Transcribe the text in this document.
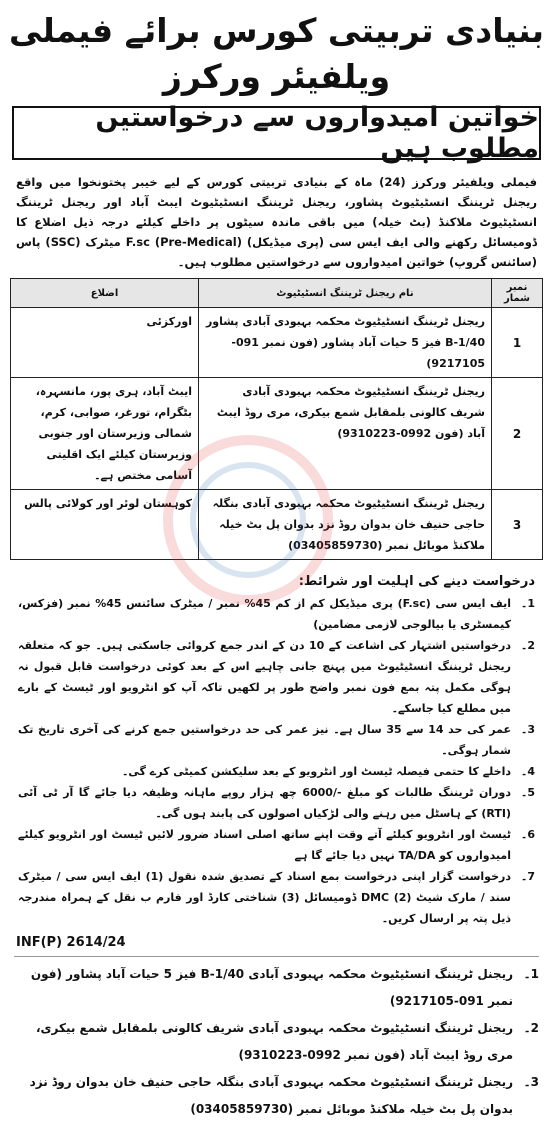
بنیادی تربیتی کورس برائے فیملی ویلفیئر ورکرز
خواتین امیدواروں سے درخواستیں مطلوب ہیں
فیملی ویلفیئر ورکرز (24) ماہ کے بنیادی تربیتی کورس کے لیے خیبر پختونخوا میں واقع ریجنل ٹریننگ انسٹیٹیوٹ پشاور، ریجنل ٹریننگ انسٹیٹیوٹ ایبٹ آباد اور ریجنل ٹریننگ انسٹیٹیوٹ ملاکنڈ (بٹ خیلہ) میں باقی ماندہ سیٹوں پر داخلے کیلئے درجہ ذیل اضلاع کا ڈومیسائل رکھنے والی ایف ایس سی (پری میڈیکل) F.sc (Pre-Medical) میٹرک (SSC) پاس (سائنس گروپ) خواتین امیدواروں سے درخواستیں مطلوب ہیں۔
نمبر شمار	نام ریجنل ٹریننگ انسٹیٹیوٹ	اضلاع
1	ریجنل ٹریننگ انسٹیٹیوٹ محکمہ بہبودی آبادی پشاور B-1/40 فیز 5 حیات آباد پشاور (فون نمبر 091-9217105)	اورکزئی
2	ریجنل ٹریننگ انسٹیٹیوٹ محکمہ بہبودی آبادی شریف کالونی بلمقابل شمع بیکری، مری روڈ ایبٹ آباد (فون 0992-9310223)	ایبٹ آباد، ہری پور، مانسہرہ، بٹگرام، تورغر، صوابی، کرم، شمالی وزیرستان اور جنوبی وزیرستان کیلئے ایک اقلیتی آسامی مختص ہے۔
3	ریجنل ٹریننگ انسٹیٹیوٹ محکمہ بہبودی آبادی بنگلہ حاجی حنیف خان بدوان روڈ نزد بدوان پل بٹ خیلہ ملاکنڈ موبائل نمبر (03405859730)	کوہستان لوئر اور کولائی پالس
درخواست دینے کی اہلیت اور شرائط:
1۔
ایف ایس سی (F.sc) پری میڈیکل کم از کم 45% نمبر / میٹرک سائنس 45% نمبر (فزکس، کیمسٹری یا بیالوجی لازمی مضامین)
2۔
درخواستیں اشتہار کی اشاعت کے 10 دن کے اندر جمع کروائی جاسکتی ہیں۔ جو کہ متعلقہ ریجنل ٹریننگ انسٹیٹیوٹ میں پہنچ جانی چاہیے اس کے بعد کوئی درخواست قابل قبول نہ ہوگی مکمل پتہ بمع فون نمبر واضح طور پر لکھیں تاکہ آپ کو انٹرویو اور ٹیسٹ کے بارے میں مطلع کیا جاسکے۔
3۔
عمر کی حد 14 سے 35 سال ہے۔ نیز عمر کی حد درخواستیں جمع کرنے کی آخری تاریخ تک شمار ہوگی۔
4۔
داخلے کا حتمی فیصلہ ٹیسٹ اور انٹرویو کے بعد سلیکشن کمیٹی کرے گی۔
5۔
دوران ٹریننگ طالبات کو مبلغ -/6000 چھ ہزار روپے ماہانہ وظیفہ دیا جائے گا آر ٹی آئی (RTI) کے ہاسٹل میں رہنے والی لڑکیاں اصولوں کی پابند ہوں گی۔
6۔
ٹیسٹ اور انٹرویو کیلئے آتے وقت اپنے ساتھ اصلی اسناد ضرور لائیں ٹیسٹ اور انٹرویو کیلئے امیدواروں کو TA/DA نہیں دیا جائے گا ہے
7۔
درخواست گزار اپنی درخواست بمع اسناد کے تصدیق شدہ نقول (1) ایف ایس سی / میٹرک سند / مارک شیٹ DMC (2) ڈومیسائل (3) شناختی کارڈ اور فارم ب نقل کے ہمراہ مندرجہ ذیل پتہ پر ارسال کریں۔
INF(P) 2614/24
1۔
ریجنل ٹریننگ انسٹیٹیوٹ محکمہ بہبودی آبادی B-1/40 فیز 5 حیات آباد پشاور (فون نمبر 091-9217105)
2۔
ریجنل ٹریننگ انسٹیٹیوٹ محکمہ بہبودی آبادی شریف کالونی بلمقابل شمع بیکری، مری روڈ ایبٹ آباد (فون نمبر 0992-9310223)
3۔
ریجنل ٹریننگ انسٹیٹیوٹ محکمہ بہبودی آبادی بنگلہ حاجی حنیف خان بدوان روڈ نزد بدوان پل بٹ خیلہ ملاکنڈ موبائل نمبر (03405859730)
